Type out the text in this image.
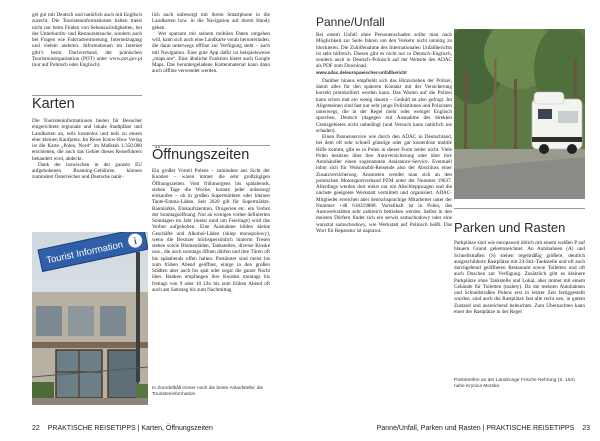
gel gut mit Deutsch und natürlich auch mit Englisch zurecht. Die Touristeninformationen halten meist nicht nur beim Finden von Sehenswürdigkeiten, bei der Unterkunfts- und Restaurantsuche, sondern auch bei Fragen wie Fahrradvermietung, Internetzugang und vielem anderen. Informationen im Internet gibt’s beim Dachverband, der polnischen Tourismusorganisation (POT) unter www.pot.gov.pl (nur auf Polnisch oder Englisch).

Karten

Die Touristeninformationen bieten für Besucher eingerichtete regionale und lokale Stadtpläne und Landkarten an, teils kostenlos und teils zu einem eher kleinen Kaufpreis. Im Reise Know-How Verlag ist die Karte „Polen, Nord“ im Maßstab 1:350.000 erschienen, die auch das Gebiet dieses Reiseführers behandelt wird, abdeckt.

Dank der inzwischen in der ganzen EU aufgehobenen Roaming-Gebühren können zumindest Österreicher und Deutsche natür-

i
Tourist Information

lich auch unbesorgt mit ihrem Smartphone in die Landkarten bzw. in die Navigation auf ihrem Handy gehen.

Wer sparsam mit seinem mobilen Daten umgehen will, kann sich auch eine Landkarte vorab herunterladen, die dann unterwegs offline zur Verfügung steht – auch mit Navigation. Eine gute App dafür ist beispielsweise „maps.me“. Eine ähnliche Funktion bietet auch Google Maps. Das heruntergeladene Kartenmaterial kann dann auch offline verwendet werden.

Öffnungszeiten

Ein großer Vorteil Polens – zumindest aus Sicht der Kunden – waren immer die sehr großzügigen Öffnungszeiten. Vom frühmorgens bis spätabends, sieben Tage die Woche, konnte jeder unbesorgt einkaufen – ob in großen Supermärkten oder kleinen Tante-Emma-Läden. Seit 2020 gilt für Supermärkte, Baumärkte, Einkaufszentren, Drogerien etc. ein Verbot der Sonntagsöffnung. Nur an wenigen vorher definierten Sonntagen im Jahr (meist rund um Feiertage) wird das Verbot aufgehoben. Eine Ausnahme bilden kleine Geschäfte und Alkohol-Läden (sklep monopolowy), wenn die Besitzer höchstpersönlich hinterm Tresen stehen sowie Blumenläden, Tankstellen, diverse Kioske usw., die auch sonntags öffnen dürfen und ihre Türen oft bis spätabends offen halten. Postämter sind meist bis zum frühen Abend geöffnet, einige in den großen Städten aber auch bis spät oder sogar die ganze Nacht über. Banken empfangen ihre Kunden montags bis freitags von 9 oder 10 Uhr bis zum frühen Abend oft auch am Samstag bis zum Nachmittag.

In Zoordelbåll immer noch die beste Anlaufstelle: die Touristeninformation
22 PRAKTISCHE REISETIPPS | Karten, Öffnungszeiten
Panne/Unfall

Bei einem Unfall ohne Personenschaden sollte man nach Möglichkeit zur Seite fahren um den Verkehr nicht unnötig zu blockieren. Die Zuhilfenahme des Internationalen Unfallberichts ist sehr hilfreich. Diesen gibt es nicht nur in Deutsch–Englisch, sondern auch in Deutsch–Polnisch auf der Website des ADAC als PDF zum Download.

www.adac.de/europaeischer-unfallbericht

Darüber hinaus empfiehlt sich das Hinzuziehen der Polizei, damit alles für den späteren Kontakt mit der Versicherung korrekt protokolliert werden kann. Das Warten auf die Polizei kann schon mal ein wenig dauern – Geduld ist also gefragt. Im Allgemeinen sind fast nur sehr junge Polizistinnen und Polizisten unterwegs, die in der Regel mehr oder weniger Englisch sprechen, Deutsch (dagegen mit Ausnahme des direkten Grenzgebietes nicht unbedingt (und Versuch kann natürlich nie schaden).

Einen Pannenservice wie durch den ADAC in Deutschland, bei dem oft sehr schnell günstige oder gar kostenlose mobile Hilfe kommt, gibt es in Polen in dieser Form leider nicht. Viele Polen besitzen über ihre Autoversicherung oder über ihre Autohändler einen sogenannten Assistance-Service. Eventuell lohnt sich für Wohnmobil-Reisende also der Abschluss einer Zusatzversicherung. Ansonsten wendet man sich an den polnischen Motorsportverband PZM unter der Nummer 19637. Allerdings werden dort meist nur ein Abschleppwagen und die nächste geeignete Werkstatt vermittelt und organisiert. ADAC-Mitglieder erreichen aber deutschsprachige Mitarbeiter unter der Nummer +48 618319888. Vorteilhaft ist in Polen, das Autowerkstätten sehr zahlreich betrieben werden. Selbst in den meisten Dörfern findet sich ein serwis samochodowy oder eine warsztat samochodowy, wie Werkstatt auf Polnisch heißt. Das Wort für Reparatur ist naprawa.	Parken und Rasten

Parkplätze sind wie europaweit üblich mit einem weißen P auf blauem Grund gekennzeichnet. An Autobahnen (A) und Schnellstraßen (S) stehen regelmäßig größere, deutlich ausgeschilderte Rastplätze mit 24-Std.-Tankstelle und oft auch durchgehend geöffneten Restaurant sowie Toiletten und oft auch Duschen zur Verfügung. Zusätzlich gibt es kleinere Parkplätze ohne Tankstelle und Lokal, aber immer mit einem Gebäude für Toiletten (toalety). Da die meisten Autobahnen und Schnellstraßen Polens erst in letzter Zeit fertiggestellt wurden, sind auch die Rastplätze fast alle recht neu, in gutem Zustand und ausreichend beleuchtet. Zum Übernachten kann einer der Rastplätze in der Regel

Parkstreifen an der Landzunge Frische Nehrung (S. 154) nahe Krynica Morska
Panne/Unfall, Parken und Rasten | PRAKTISCHE REISETIPPS 23
